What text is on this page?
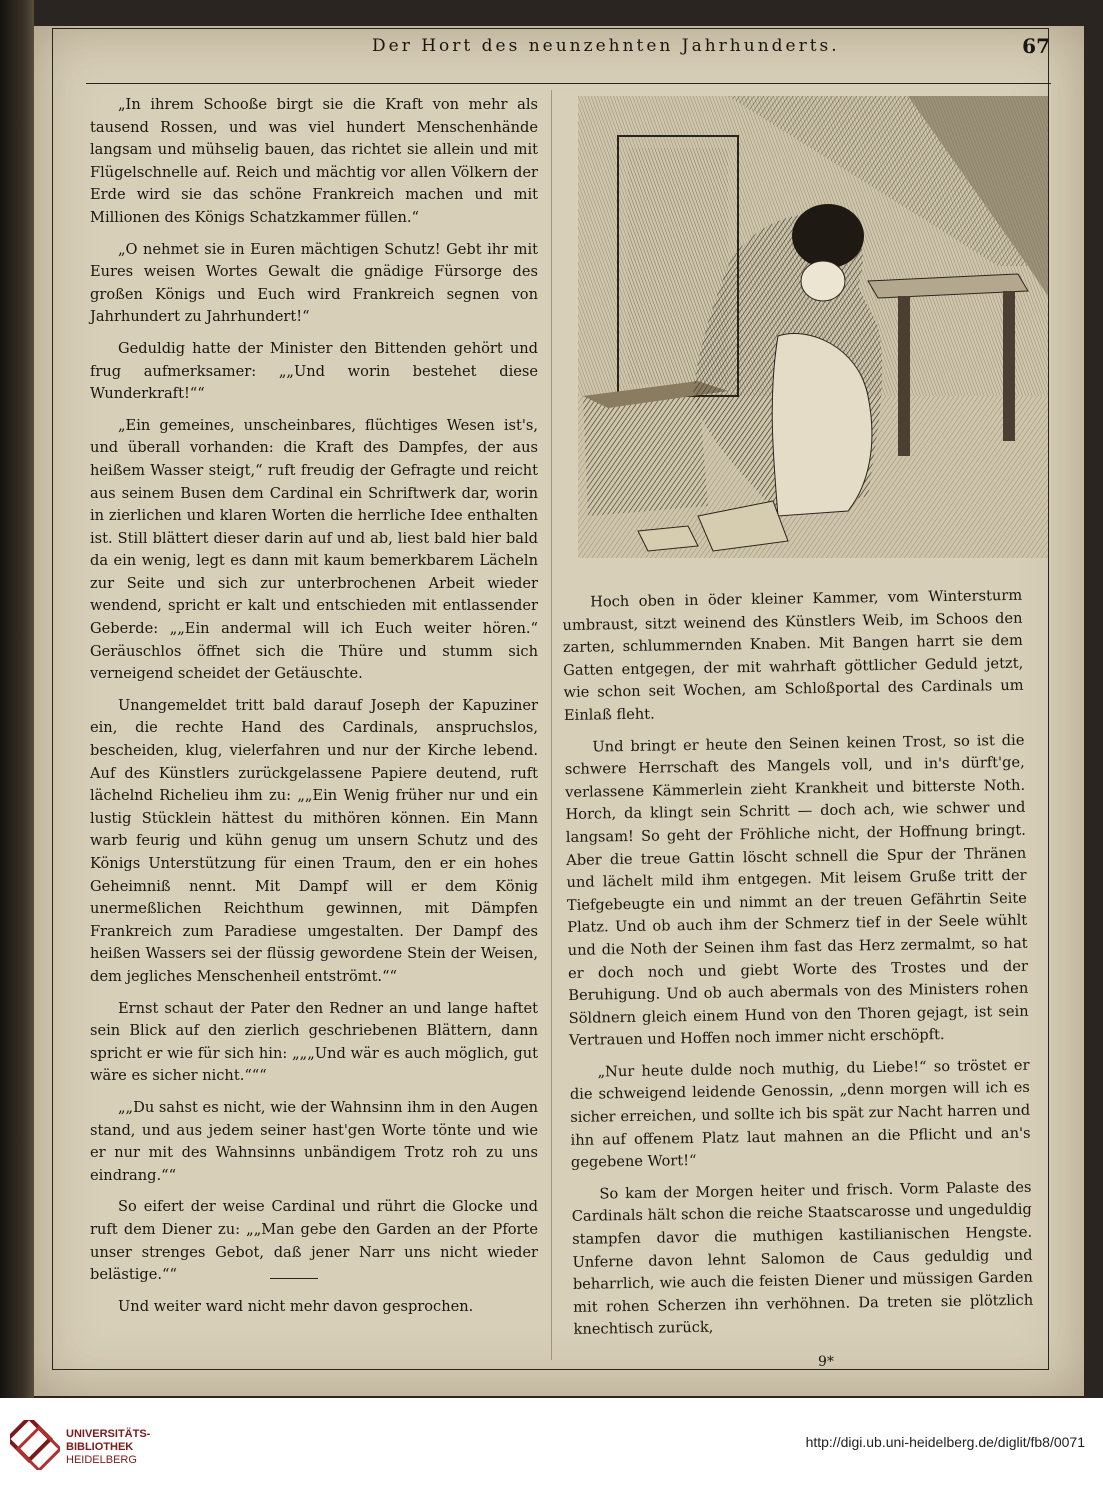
Der Hort des neunzehnten Jahrhunderts.	67

„In ihrem Schooße birgt sie die Kraft von mehr als tausend Rossen, und was viel hundert Menschenhände langsam und mühselig bauen, das richtet sie allein und mit Flügelschnelle auf. Reich und mächtig vor allen Völkern der Erde wird sie das schöne Frankreich machen und mit Millionen des Königs Schatzkammer füllen.“

„O nehmet sie in Euren mächtigen Schutz! Gebt ihr mit Eures weisen Wortes Gewalt die gnädige Fürsorge des großen Königs und Euch wird Frankreich segnen von Jahrhundert zu Jahrhundert!“

Geduldig hatte der Minister den Bittenden gehört und frug aufmerksamer: „„Und worin bestehet diese Wunderkraft!““

„Ein gemeines, unscheinbares, flüchtiges Wesen ist's, und überall vorhanden: die Kraft des Dampfes, der aus heißem Wasser steigt,“ ruft freudig der Gefragte und reicht aus seinem Busen dem Cardinal ein Schriftwerk dar, worin in zierlichen und klaren Worten die herrliche Idee enthalten ist. Still blättert dieser darin auf und ab, liest bald hier bald da ein wenig, legt es dann mit kaum bemerkbarem Lächeln zur Seite und sich zur unterbrochenen Arbeit wieder wendend, spricht er kalt und entschieden mit entlassender Geberde: „„Ein andermal will ich Euch weiter hören.“ Geräuschlos öffnet sich die Thüre und stumm sich verneigend scheidet der Getäuschte.

Unangemeldet tritt bald darauf Joseph der Kapuziner ein, die rechte Hand des Cardinals, anspruchslos, bescheiden, klug, vielerfahren und nur der Kirche lebend. Auf des Künstlers zurückgelassene Papiere deutend, ruft lächelnd Richelieu ihm zu: „„Ein Wenig früher nur und ein lustig Stücklein hättest du mithören können. Ein Mann warb feurig und kühn genug um unsern Schutz und des Königs Unterstützung für einen Traum, den er ein hohes Geheimniß nennt. Mit Dampf will er dem König unermeßlichen Reichthum gewinnen, mit Dämpfen Frankreich zum Paradiese umgestalten. Der Dampf des heißen Wassers sei der flüssig gewordene Stein der Weisen, dem jegliches Menschenheil entströmt.““

Ernst schaut der Pater den Redner an und lange haftet sein Blick auf den zierlich geschriebenen Blättern, dann spricht er wie für sich hin: „„„Und wär es auch möglich, gut wäre es sicher nicht.“““

„„Du sahst es nicht, wie der Wahnsinn ihm in den Augen stand, und aus jedem seiner hast'gen Worte tönte und wie er nur mit des Wahnsinns unbändigem Trotz roh zu uns eindrang.““

So eifert der weise Cardinal und rührt die Glocke und ruft dem Diener zu: „„Man gebe den Garden an der Pforte unser strenges Gebot, daß jener Narr uns nicht wieder belästige.““

Und weiter ward nicht mehr davon gesprochen.

Hoch oben in öder kleiner Kammer, vom Wintersturm umbraust, sitzt weinend des Künstlers Weib, im Schoos den zarten, schlummernden Knaben. Mit Bangen harrt sie dem Gatten entgegen, der mit wahrhaft göttlicher Geduld jetzt, wie schon seit Wochen, am Schloßportal des Cardinals um Einlaß fleht.

Und bringt er heute den Seinen keinen Trost, so ist die schwere Herrschaft des Mangels voll, und in's dürft'ge, verlassene Kämmerlein zieht Krankheit und bitterste Noth. Horch, da klingt sein Schritt — doch ach, wie schwer und langsam! So geht der Fröhliche nicht, der Hoffnung bringt. Aber die treue Gattin löscht schnell die Spur der Thränen und lächelt mild ihm entgegen. Mit leisem Gruße tritt der Tiefgebeugte ein und nimmt an der treuen Gefährtin Seite Platz. Und ob auch ihm der Schmerz tief in der Seele wühlt und die Noth der Seinen ihm fast das Herz zermalmt, so hat er doch noch und giebt Worte des Trostes und der Beruhigung. Und ob auch abermals von des Ministers rohen Söldnern gleich einem Hund von den Thoren gejagt, ist sein Vertrauen und Hoffen noch immer nicht erschöpft.

„Nur heute dulde noch muthig, du Liebe!“ so tröstet er die schweigend leidende Genossin, „denn morgen will ich es sicher erreichen, und sollte ich bis spät zur Nacht harren und ihn auf offenem Platz laut mahnen an die Pflicht und an's gegebene Wort!“

So kam der Morgen heiter und frisch. Vorm Palaste des Cardinals hält schon die reiche Staatscarosse und ungeduldig stampfen davor die muthigen kastilianischen Hengste. Unferne davon lehnt Salomon de Caus geduldig und beharrlich, wie auch die feisten Diener und müssigen Garden mit rohen Scherzen ihn verhöhnen. Da treten sie plötzlich knechtisch zurück,

9*
UNIVERSITÄTS-
BIBLIOTHEK
HEIDELBERG
http://digi.ub.uni-heidelberg.de/diglit/fb8/0071
